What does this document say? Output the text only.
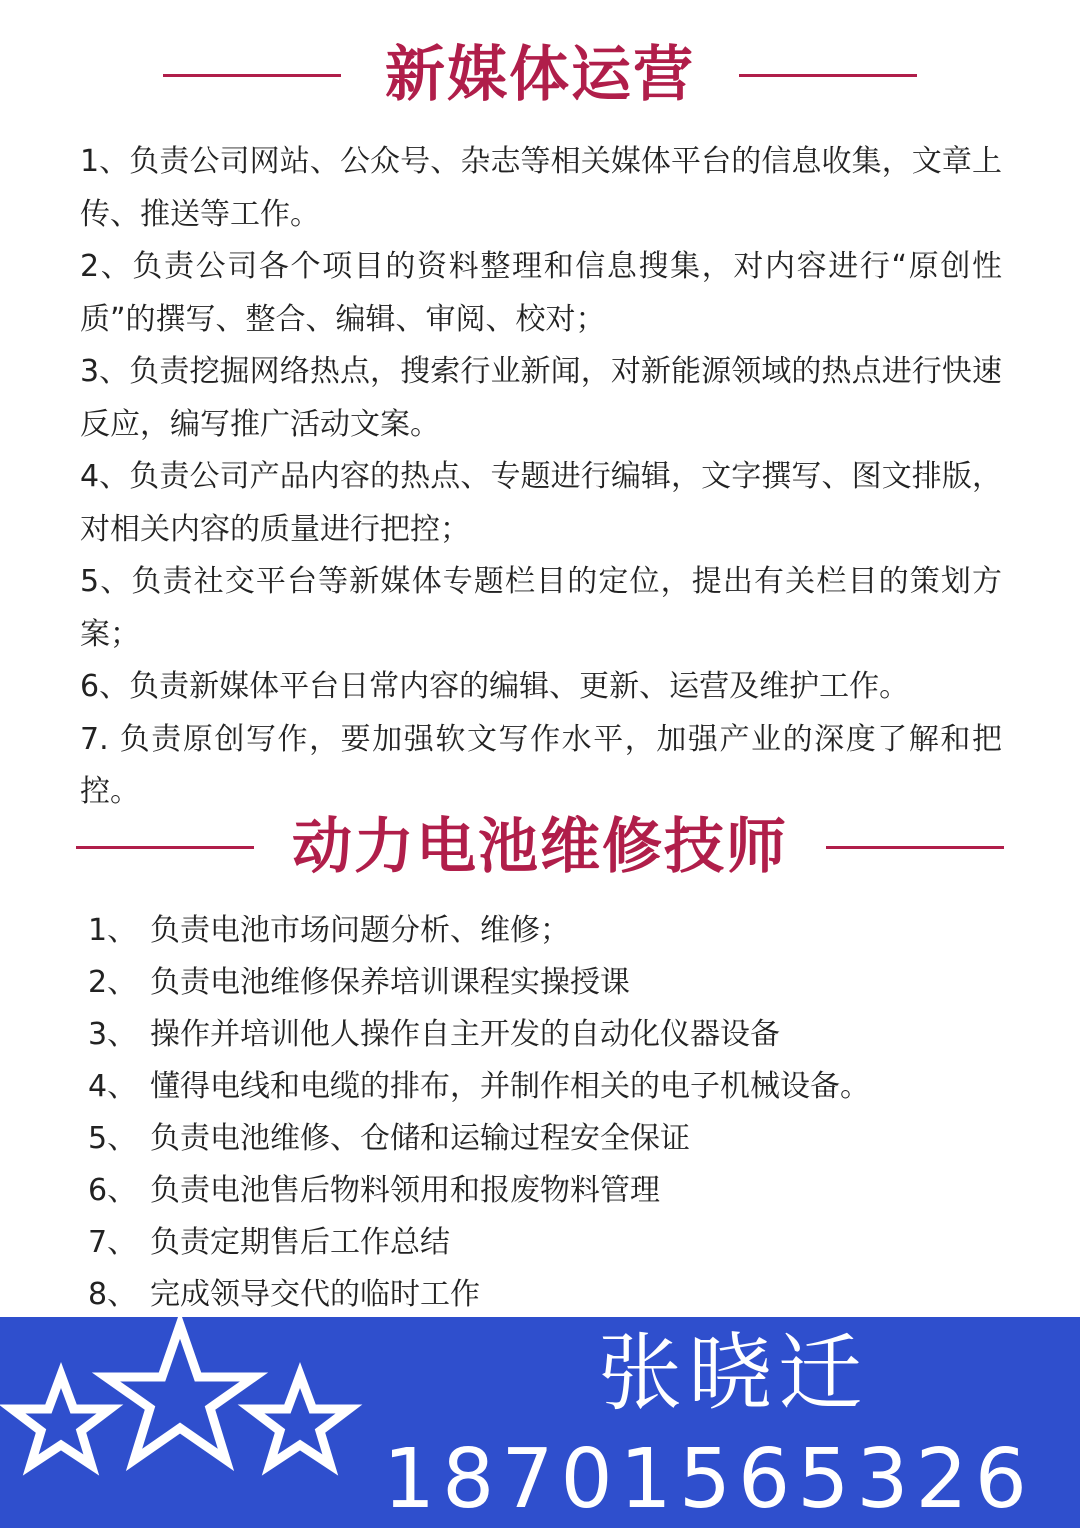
新媒体运营
1、负责公司网站、公众号、杂志等相关媒体平台的信息收集，文章上传、推送等工作。
2、负责公司各个项目的资料整理和信息搜集，对内容进行“原创性质”的撰写、整合、编辑、审阅、校对；
3、负责挖掘网络热点，搜索行业新闻，对新能源领域的热点进行快速反应，编写推广活动文案。
4、负责公司产品内容的热点、专题进行编辑，文字撰写、图文排版，对相关内容的质量进行把控；
5、负责社交平台等新媒体专题栏目的定位，提出有关栏目的策划方案；
6、负责新媒体平台日常内容的编辑、更新、运营及维护工作。
7. 负责原创写作，要加强软文写作水平，加强产业的深度了解和把控。
动力电池维修技师
1、 负责电池市场问题分析、维修；
2、 负责电池维修保养培训课程实操授课
3、 操作并培训他人操作自主开发的自动化仪器设备
4、 懂得电线和电缆的排布，并制作相关的电子机械设备。
5、 负责电池维修、仓储和运输过程安全保证
6、 负责电池售后物料领用和报废物料管理
7、 负责定期售后工作总结
8、 完成领导交代的临时工作
张晓迁
18701565326
